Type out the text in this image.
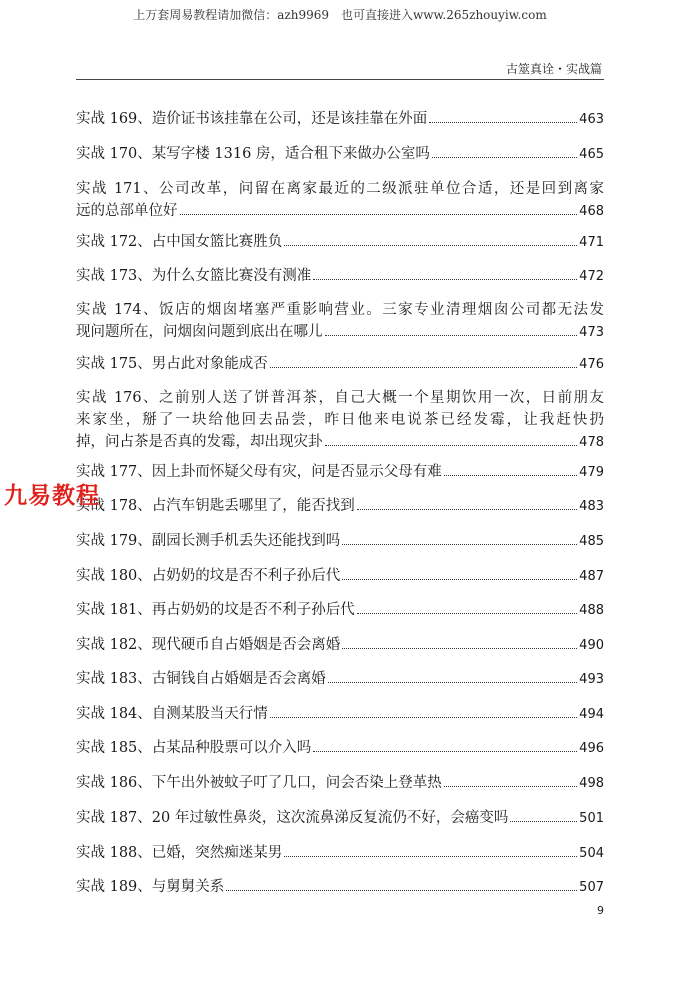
上万套周易教程请加微信：azh9969　也可直接进入www.265zhouyiw.com
古筮真诠・实战篇
实战 169、造价证书该挂靠在公司，还是该挂靠在外面	463
实战 170、某写字楼 1316 房，适合租下来做办公室吗	465
实战 171、公司改革，问留在离家最近的二级派驻单位合适，还是回到离家
远的总部单位好	468
实战 172、占中国女篮比赛胜负	471
实战 173、为什么女篮比赛没有测准	472
实战 174、饭店的烟囱堵塞严重影响营业。三家专业清理烟囱公司都无法发
现问题所在，问烟囱问题到底出在哪儿	473
实战 175、男占此对象能成否	476
实战 176、之前别人送了饼普洱茶，自己大概一个星期饮用一次，日前朋友
来家坐，掰了一块给他回去品尝，昨日他来电说茶已经发霉，让我赶快扔
掉，问占茶是否真的发霉，却出现灾卦	478
实战 177、因上卦而怀疑父母有灾，问是否显示父母有难	479
实战 178、占汽车钥匙丢哪里了，能否找到	483
实战 179、副园长测手机丢失还能找到吗	485
实战 180、占奶奶的坟是否不利子孙后代	487
实战 181、再占奶奶的坟是否不利子孙后代	488
实战 182、现代硬币自占婚姻是否会离婚	490
实战 183、古铜钱自占婚姻是否会离婚	493
实战 184、自测某股当天行情	494
实战 185、占某品种股票可以介入吗	496
实战 186、下午出外被蚊子叮了几口，问会否染上登革热	498
实战 187、20 年过敏性鼻炎，这次流鼻涕反复流仍不好，会癌变吗	501
实战 188、已婚，突然痴迷某男	504
实战 189、与舅舅关系	507
九易教程
9
